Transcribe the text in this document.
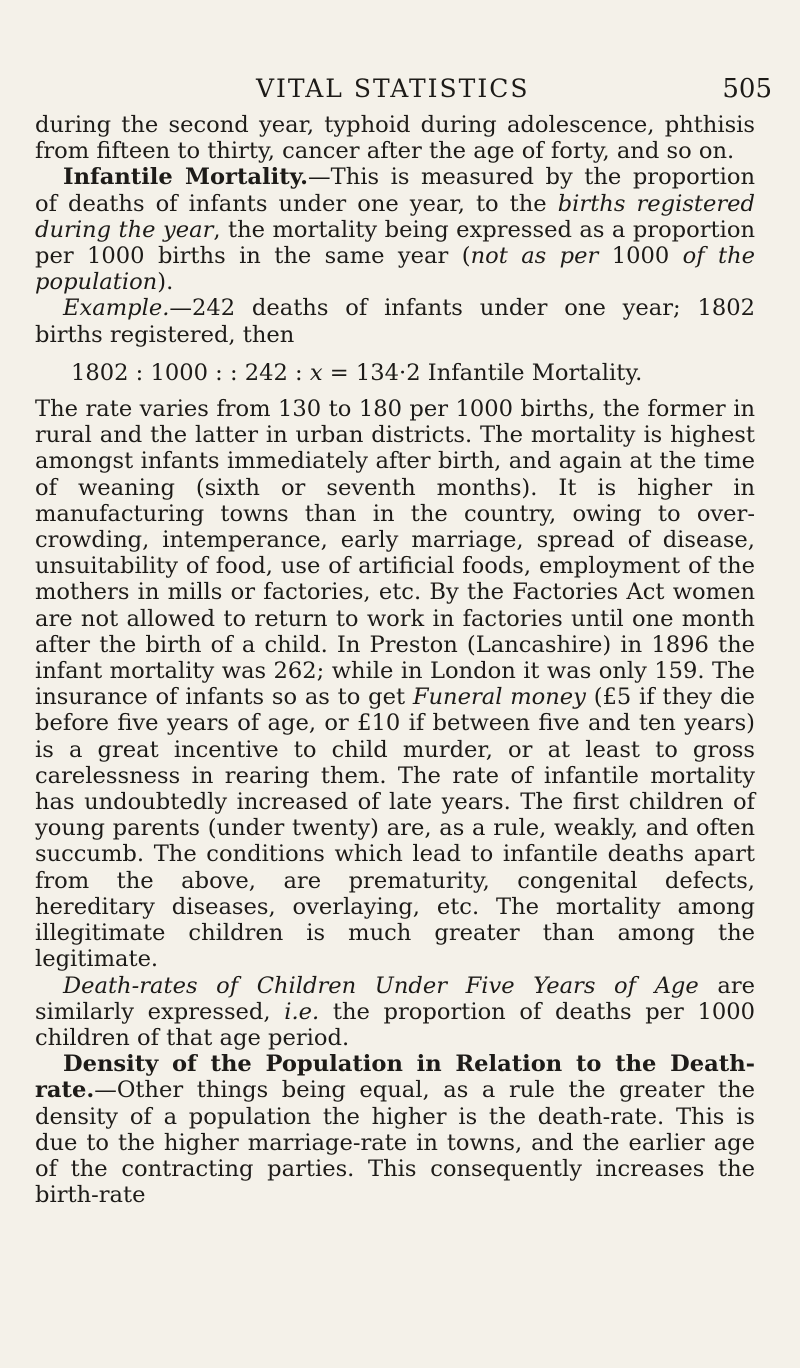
VITAL STATISTICS	505

during the second year, typhoid during adolescence, phthisis from fifteen to thirty, cancer after the age of forty, and so on.

Infantile Mortality.—This is measured by the proportion of deaths of infants under one year, to the births registered during the year, the mortality being expressed as a proportion per 1000 births in the same year (not as per 1000 of the population).

Example.—242 deaths of infants under one year; 1802 births registered, then

1802 : 1000 : : 242 : x = 134·2 Infantile Mortality.

The rate varies from 130 to 180 per 1000 births, the former in rural and the latter in urban districts. The mortality is highest amongst infants immediately after birth, and again at the time of weaning (sixth or seventh months). It is higher in manufacturing towns than in the country, owing to over-crowding, intemperance, early marriage, spread of disease, unsuitability of food, use of artificial foods, employment of the mothers in mills or factories, etc. By the Factories Act women are not allowed to return to work in factories until one month after the birth of a child. In Preston (Lancashire) in 1896 the infant mortality was 262; while in London it was only 159. The insurance of infants so as to get Funeral money (£5 if they die before five years of age, or £10 if between five and ten years) is a great incentive to child murder, or at least to gross carelessness in rearing them. The rate of infantile mortality has undoubtedly increased of late years. The first children of young parents (under twenty) are, as a rule, weakly, and often succumb. The conditions which lead to infantile deaths apart from the above, are prematurity, congenital defects, hereditary diseases, overlaying, etc. The mortality among illegitimate children is much greater than among the legitimate.

Death-rates of Children Under Five Years of Age are similarly expressed, i.e. the proportion of deaths per 1000 children of that age period.

Density of the Population in Relation to the Death-rate.—Other things being equal, as a rule the greater the density of a population the higher is the death-rate. This is due to the higher marriage-rate in towns, and the earlier age of the contracting parties. This consequently increases the birth-rate
